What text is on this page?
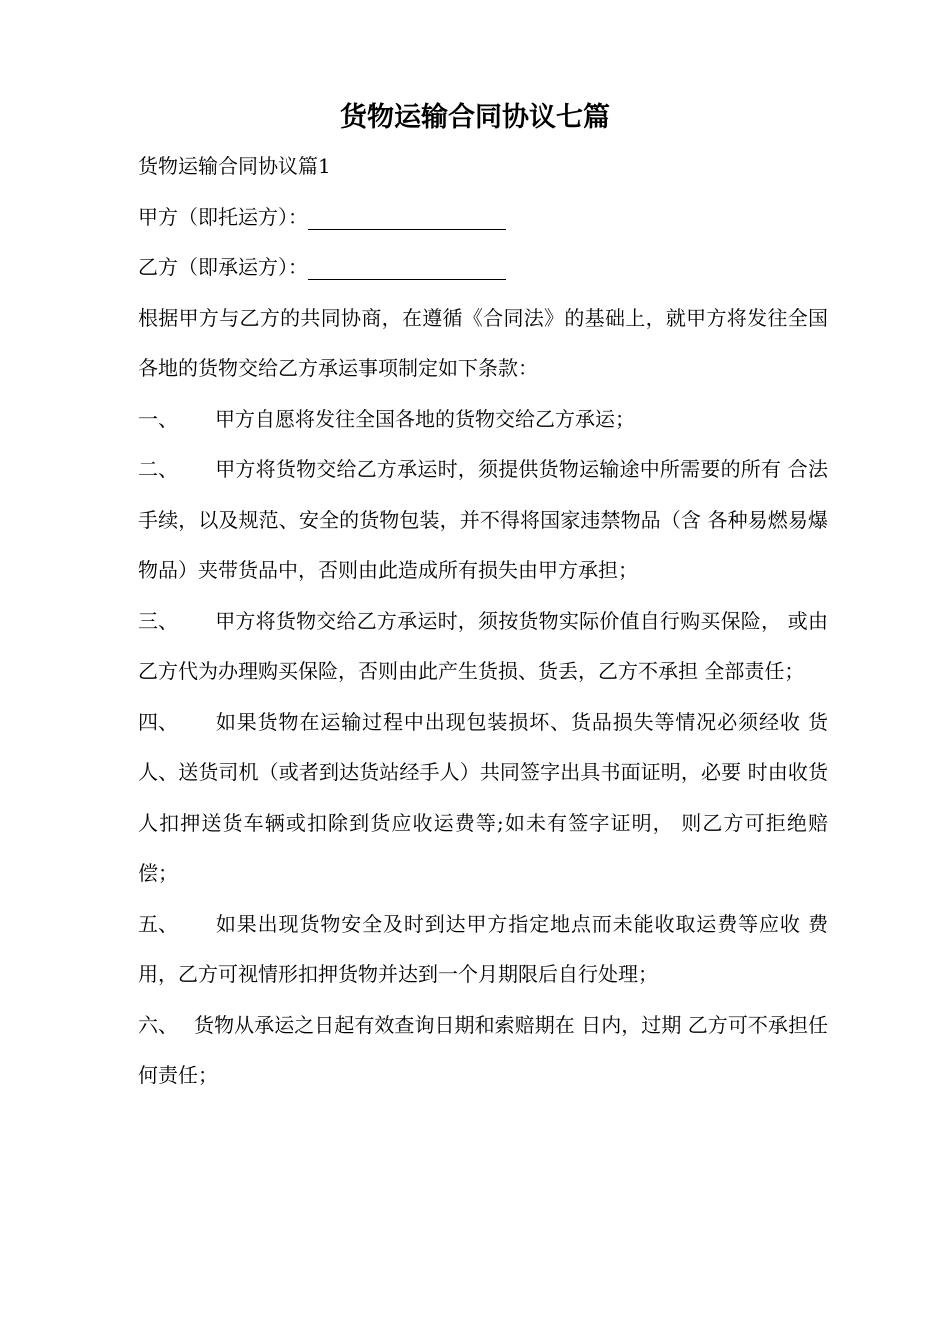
货物运输合同协议七篇

货物运输合同协议篇1

甲方（即托运方）：

乙方（即承运方）：

根据甲方与乙方的共同协商，在遵循《合同法》的基础上，就甲方将发往全国各地的货物交给乙方承运事项制定如下条款：

一、 甲方自愿将发往全国各地的货物交给乙方承运；

二、 甲方将货物交给乙方承运时，须提供货物运输途中所需要的所有 合法手续，以及规范、安全的货物包装，并不得将国家违禁物品（含 各种易燃易爆物品）夹带货品中，否则由此造成所有损失由甲方承担；

三、 甲方将货物交给乙方承运时，须按货物实际价值自行购买保险， 或由乙方代为办理购买保险，否则由此产生货损、货丢，乙方不承担 全部责任；

四、 如果货物在运输过程中出现包装损坏、货品损失等情况必须经收 货人、送货司机（或者到达货站经手人）共同签字出具书面证明，必要 时由收货人扣押送货车辆或扣除到货应收运费等;如未有签字证明， 则乙方可拒绝赔偿；

五、 如果出现货物安全及时到达甲方指定地点而未能收取运费等应收 费用，乙方可视情形扣押货物并达到一个月期限后自行处理；

六、 货物从承运之日起有效查询日期和索赔期在 日内，过期 乙方可不承担任何责任；
